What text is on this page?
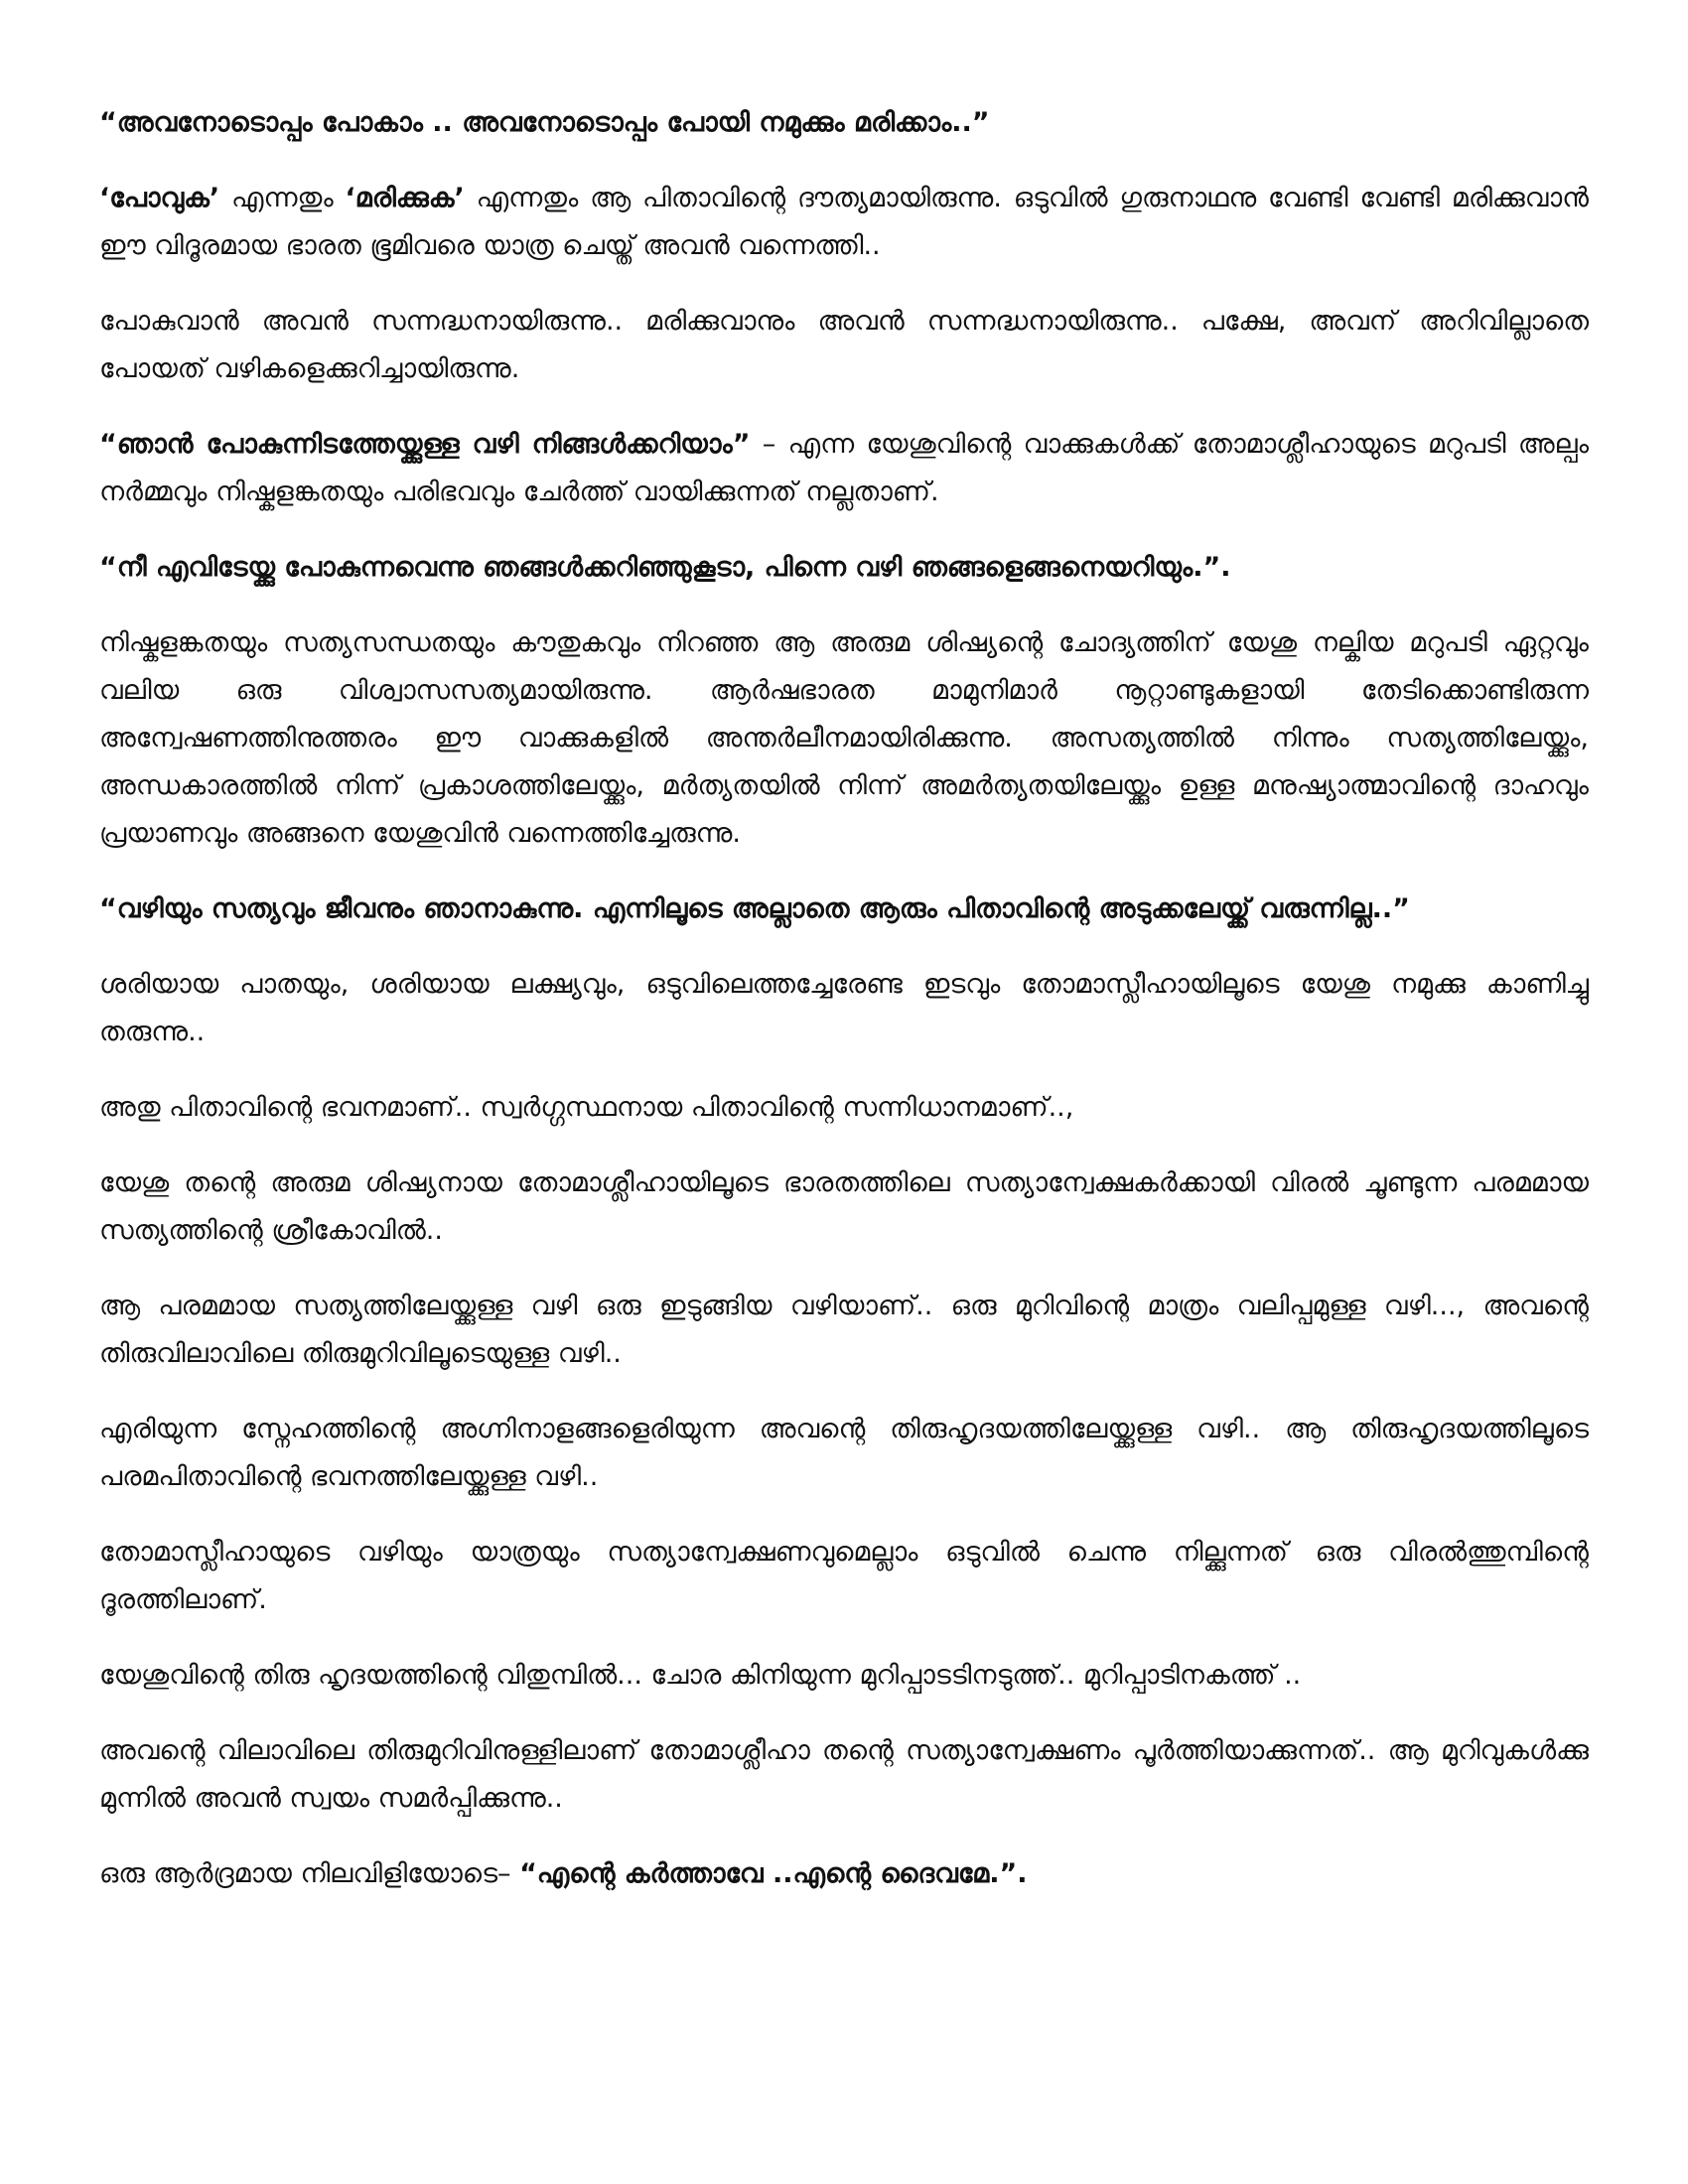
“അവനോടൊപ്പം പോകാം .. അവനോടൊപ്പം പോയി നമുക്കും മരിക്കാം..”

‘പോവുക’ എന്നതും ‘മരിക്കുക’ എന്നതും ആ പിതാവിന്റെ ദൗത്യമായിരുന്നു. ഒടുവിൽ ഗുരുനാഥനു വേണ്ടി വേണ്ടി മരിക്കുവാൻ ഈ വിദൂരമായ ഭാരത ഭൂമിവരെ യാത്ര ചെയ്ത് അവൻ വന്നെത്തി..

പോകുവാൻ അവൻ സന്നദ്ധനായിരുന്നു.. മരിക്കുവാനും അവൻ സന്നദ്ധനായിരുന്നു.. പക്ഷേ, അവന് അറിവില്ലാതെ പോയത് വഴികളെക്കുറിച്ചായിരുന്നു.

“ഞാൻ പോകുന്നിടത്തേയ്ക്കുള്ള വഴി നിങ്ങൾക്കറിയാം” – എന്ന യേശുവിന്റെ വാക്കുകൾക്ക് തോമാശ്ലീഹായുടെ മറുപടി അല്പം നർമ്മവും നിഷ്കളങ്കതയും പരിഭവവും ചേർത്ത് വായിക്കുന്നത് നല്ലതാണ്.

“നീ എവിടേയ്ക്കു പോകുന്നവെന്നു ഞങ്ങൾക്കറിഞ്ഞുകൂടാ, പിന്നെ വഴി ഞങ്ങളെങ്ങനെയറിയും.”.

നിഷ്കളങ്കതയും സത്യസന്ധതയും കൗതുകവും നിറഞ്ഞ ആ അരുമ ശിഷ്യന്റെ ചോദ്യത്തിന് യേശു നല്കിയ മറുപടി ഏറ്റവും വലിയ ഒരു വിശ്വാസസത്യമായിരുന്നു. ആർഷഭാരത മാമുനിമാർ നൂറ്റാണ്ടുകളായി തേടിക്കൊണ്ടിരുന്ന അന്വേഷണത്തിനുത്തരം ഈ വാക്കുകളിൽ അന്തർലീനമായിരിക്കുന്നു. അസത്യത്തിൽ നിന്നും സത്യത്തിലേയ്ക്കും, അന്ധകാരത്തിൽ നിന്ന് പ്രകാശത്തിലേയ്ക്കും, മർത്യതയിൽ നിന്ന് അമർത്യതയിലേയ്ക്കും ഉള്ള മനുഷ്യാത്മാവിന്റെ ദാഹവും പ്രയാണവും അങ്ങനെ യേശുവിൻ വന്നെത്തിച്ചേരുന്നു.

“വഴിയും സത്യവും ജീവനും ഞാനാകുന്നു. എന്നിലൂടെ അല്ലാതെ ആരും പിതാവിന്റെ അടുക്കലേയ്ക്ക് വരുന്നില്ല..”

ശരിയായ പാതയും, ശരിയായ ലക്ഷ്യവും, ഒടുവിലെത്തച്ചേരേണ്ട ഇടവും തോമാസ്ലീഹായിലൂടെ യേശു നമുക്കു കാണിച്ചു തരുന്നു..

അതു പിതാവിന്റെ ഭവനമാണ്.. സ്വർഗ്ഗസ്ഥനായ പിതാവിന്റെ സന്നിധാനമാണ്..,

യേശു തന്റെ അരുമ ശിഷ്യനായ തോമാശ്ലീഹായിലൂടെ ഭാരതത്തിലെ സത്യാന്വേക്ഷകർക്കായി വിരൽ ചൂണ്ടുന്ന പരമമായ സത്യത്തിന്റെ ശ്രീകോവിൽ..

ആ പരമമായ സത്യത്തിലേയ്ക്കുള്ള വഴി ഒരു ഇടുങ്ങിയ വഴിയാണ്.. ഒരു മുറിവിന്റെ മാത്രം വലിപ്പമുള്ള വഴി..., അവന്റെ തിരുവിലാവിലെ തിരുമുറിവിലൂടെയുള്ള വഴി..

എരിയുന്ന സ്നേഹത്തിന്റെ അഗ്നിനാളങ്ങളെരിയുന്ന അവന്റെ തിരുഹൃദയത്തിലേയ്ക്കുള്ള വഴി.. ആ തിരുഹൃദയത്തിലൂടെ പരമപിതാവിന്റെ ഭവനത്തിലേയ്ക്കുള്ള വഴി..

തോമാസ്ലീഹായുടെ വഴിയും യാത്രയും സത്യാന്വേക്ഷണവുമെല്ലാം ഒടുവിൽ ചെന്നു നില്ക്കുന്നത് ഒരു വിരൽത്തുമ്പിന്റെ ദൂരത്തിലാണ്.

യേശുവിന്റെ തിരു ഹൃദയത്തിന്റെ വിതുമ്പിൽ... ചോര കിനിയുന്ന മുറിപ്പാടടിനടുത്ത്.. മുറിപ്പാടിനകത്ത് ..

അവന്റെ വിലാവിലെ തിരുമുറിവിനുള്ളിലാണ് തോമാശ്ലീഹാ തന്റെ സത്യാന്വേക്ഷണം പൂർത്തിയാക്കുന്നത്.. ആ മുറിവുകൾക്കു മുന്നിൽ അവൻ സ്വയം സമർപ്പിക്കുന്നു..

ഒരു ആർദ്രമായ നിലവിളിയോടെ– “എന്റെ കർത്താവേ ..എന്റെ ദൈവമേ.”.
